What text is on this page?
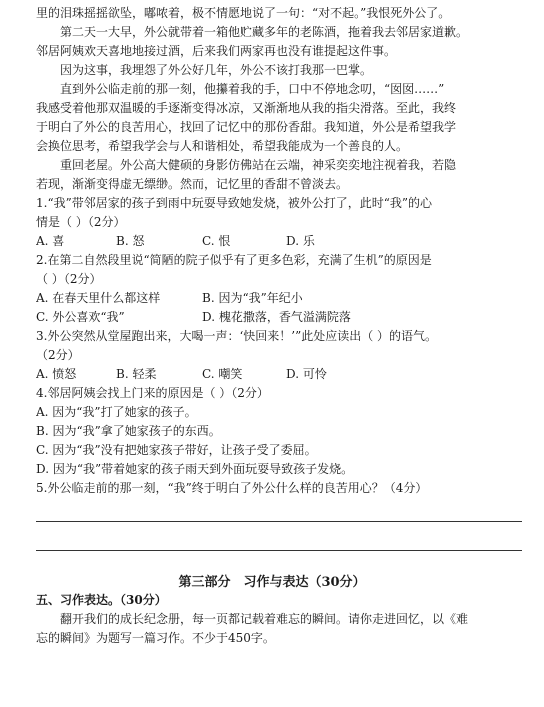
里的泪珠摇摇欲坠，嘟哝着，极不情愿地说了一句：“对不起。”我恨死外公了。
第二天一大早，外公就带着一箱他贮藏多年的老陈酒，拖着我去邻居家道歉。
邻居阿姨欢天喜地地接过酒，后来我们两家再也没有谁提起这件事。
因为这事，我埋怨了外公好几年，外公不该打我那一巴掌。
直到外公临走前的那一刻，他攥着我的手，口中不停地念叨，“囡囡……”
我感受着他那双温暖的手逐渐变得冰凉，又渐渐地从我的指尖滑落。至此，我终
于明白了外公的良苦用心，找回了记忆中的那份香甜。我知道，外公是希望我学
会换位思考，希望我学会与人和谐相处，希望我能成为一个善良的人。
重回老屋。外公高大健硕的身影仿佛站在云端，神采奕奕地注视着我，若隐
若现，渐渐变得虚无缥缈。然而，记忆里的香甜不曾淡去。
1.“我”带邻居家的孩子到雨中玩耍导致她发烧，被外公打了，此时“我”的心
情是（ ）（2分）
A. 喜	B. 怒	C. 恨	D. 乐
2.在第二自然段里说“简陋的院子似乎有了更多色彩，充满了生机”的原因是
（ ）（2分）
A. 在春天里什么都这样	B. 因为“我”年纪小
C. 外公喜欢“我”	D. 槐花撒落，香气溢满院落
3.外公突然从堂屋跑出来，大喝一声：‘快回来！’”此处应读出（ ）的语气。
（2分）
A. 愤怒	B. 轻柔	C. 嘲笑	D. 可怜
4.邻居阿姨会找上门来的原因是（ ）（2分）
A. 因为“我”打了她家的孩子。
B. 因为“我”拿了她家孩子的东西。
C. 因为“我”没有把她家孩子带好，让孩子受了委屈。
D. 因为“我”带着她家的孩子雨天到外面玩耍导致孩子发烧。
5.外公临走前的那一刻，“我”终于明白了外公什么样的良苦用心？（4分）
第三部分　习作与表达（30分）
五、习作表达。（30分）
翻开我们的成长纪念册，每一页都记载着难忘的瞬间。请你走进回忆，以《难
忘的瞬间》为题写一篇习作。不少于450字。
